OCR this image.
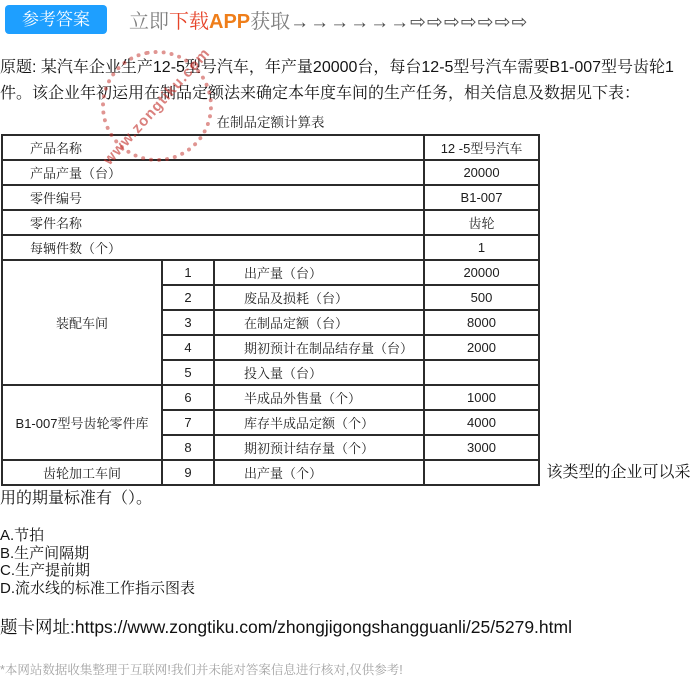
参考答案	立即下载APP获取→→→→→→⇨⇨⇨⇨⇨⇨⇨
www.zongtiku.com
原题: 某汽车企业生产12-5型号汽车，年产量20000台，每台12-5型号汽车需要B1-007型号齿轮1件。该企业年初运用在制品定额法来确定本年度车间的生产任务，相关信息及数据见下表：
在制品定额计算表
产品名称			12 -5型号汽车
产品产量（台）			20000
零件编号			B1-007
零件名称			齿轮
每辆件数（个）			1
装配车间	1	出产量（台）	20000
	2	废品及损耗（台）	500
	3	在制品定额（台）	8000
	4	期初预计在制品结存量（台）	2000
	5	投入量（台）	
B1-007型号齿轮零件库	6	半成品外售量（个）	1000
	7	库存半成品定额（个）	4000
	8	期初预计结存量（个）	3000
齿轮加工车间	9	出产量（个）		该类型的企业可以采用的期量标准有（）。
A.节拍
B.生产间隔期
C.生产提前期
D.流水线的标准工作指示图表
题卡网址:https://www.zongtiku.com/zhongjigongshangguanli/25/5279.html
*本网站数据收集整理于互联网!我们并未能对答案信息进行核对,仅供参考!
